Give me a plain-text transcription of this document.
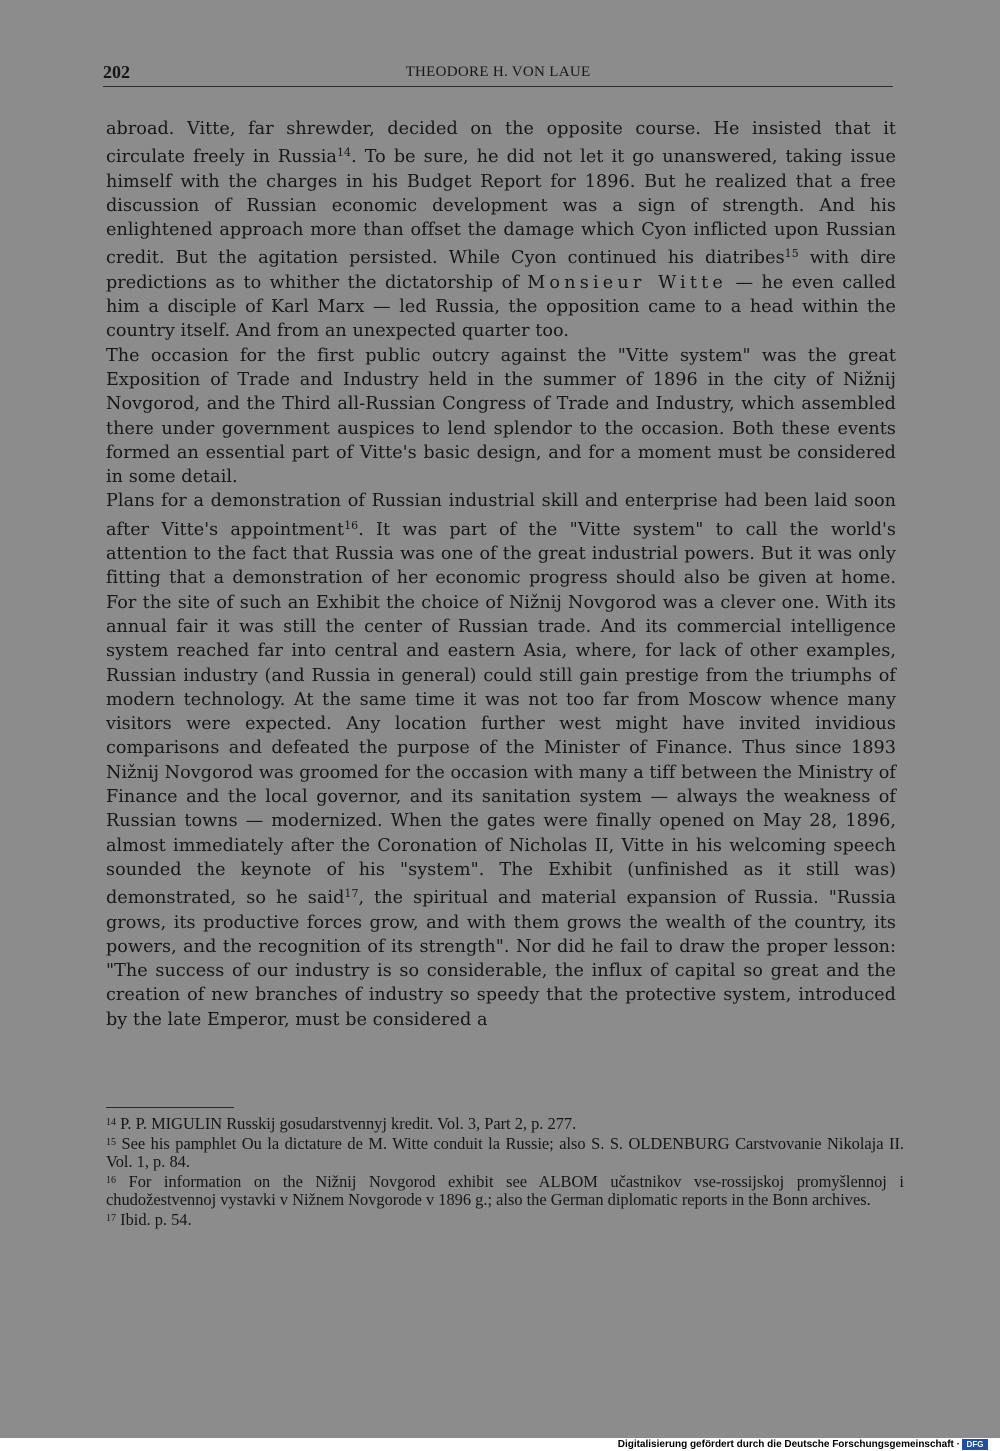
202	THEODORE H. VON LAUE

abroad. Vitte, far shrewder, decided on the opposite course. He insisted that it circulate freely in Russia$^{14}$. To be sure, he did not let it go unanswered, taking issue himself with the charges in his Budget Report for 1896. But he realized that a free discussion of Russian economic development was a sign of strength. And his enlightened approach more than offset the damage which Cyon inflicted upon Russian credit. But the agitation persisted. While Cyon continued his diatribes$^{15}$ with dire predictions as to whither the dictatorship of Monsieur Witte — he even called him a disciple of Karl Marx — led Russia, the opposition came to a head within the country itself. And from an unexpected quarter too.

The occasion for the first public outcry against the "Vitte system" was the great Exposition of Trade and Industry held in the summer of 1896 in the city of Nižnij Novgorod, and the Third all-Russian Congress of Trade and Industry, which assembled there under government auspices to lend splendor to the occasion. Both these events formed an essential part of Vitte's basic design, and for a moment must be considered in some detail.

Plans for a demonstration of Russian industrial skill and enterprise had been laid soon after Vitte's appointment$^{16}$. It was part of the "Vitte system" to call the world's attention to the fact that Russia was one of the great industrial powers. But it was only fitting that a demonstration of her economic progress should also be given at home. For the site of such an Exhibit the choice of Nižnij Novgorod was a clever one. With its annual fair it was still the center of Russian trade. And its commercial intelligence system reached far into central and eastern Asia, where, for lack of other examples, Russian industry (and Russia in general) could still gain prestige from the triumphs of modern technology. At the same time it was not too far from Moscow whence many visitors were expected. Any location further west might have invited invidious comparisons and defeated the purpose of the Minister of Finance. Thus since 1893 Nižnij Novgorod was groomed for the occasion with many a tiff between the Ministry of Finance and the local governor, and its sanitation system — always the weakness of Russian towns — modernized. When the gates were finally opened on May 28, 1896, almost immediately after the Coronation of Nicholas II, Vitte in his welcoming speech sounded the keynote of his "system". The Exhibit (unfinished as it still was) demonstrated, so he said$^{17}$, the spiritual and material expansion of Russia. "Russia grows, its productive forces grow, and with them grows the wealth of the country, its powers, and the recognition of its strength". Nor did he fail to draw the proper lesson: "The success of our industry is so considerable, the influx of capital so great and the creation of new branches of industry so speedy that the protective system, introduced by the late Emperor, must be considered a

$^{14}$ P. P. MIGULIN Russkij gosudarstvennyj kredit. Vol. 3, Part 2, p. 277.

$^{15}$ See his pamphlet Ou la dictature de M. Witte conduit la Russie; also S. S. OLDENBURG Carstvovanie Nikolaja II. Vol. 1, p. 84.

$^{16}$ For information on the Nižnij Novgorod exhibit see ALBOM učastnikov vse-rossijskoj promyšlennoj i chudožestvennoj vystavki v Nižnem Novgorode v 1896 g.; also the German diplomatic reports in the Bonn archives.

$^{17}$ Ibid. p. 54.

Digitalisierung gefördert durch die Deutsche Forschungsgemeinschaft · DFG
